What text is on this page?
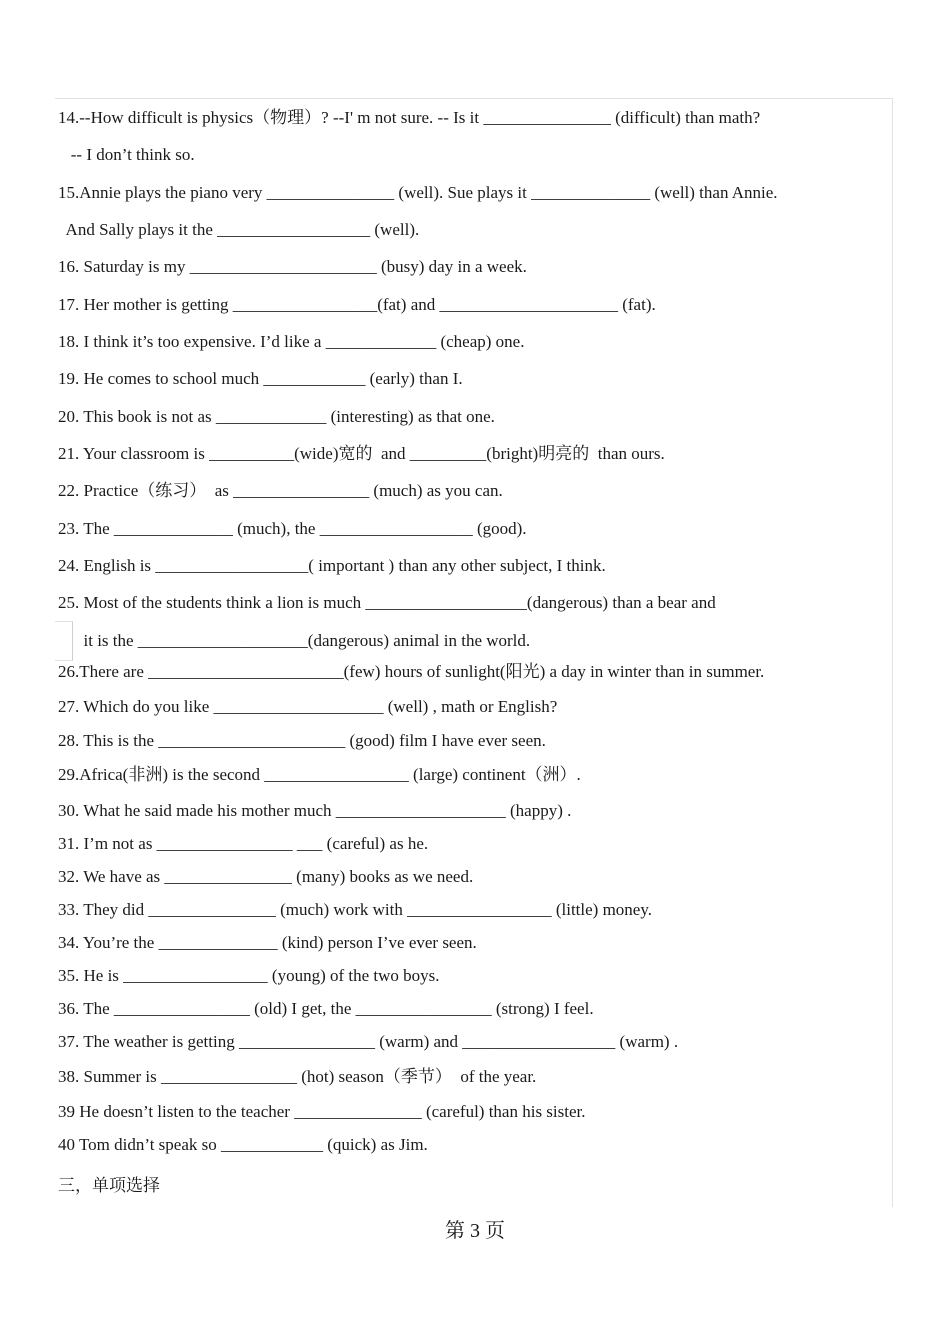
14.--How difficult is physics（物理）? --I' m not sure. -- Is it _______________ (difficult) than math?
-- I don’t think so.
15.Annie plays the piano very _______________ (well). Sue plays it ______________ (well) than Annie.
And Sally plays it the __________________ (well).
16. Saturday is my ______________________ (busy) day in a week.
17. Her mother is getting _________________(fat) and _____________________ (fat).
18. I think it’s too expensive. I’d like a _____________ (cheap) one.
19. He comes to school much ____________ (early) than I.
20. This book is not as _____________ (interesting) as that one.
21. Your classroom is __________(wide)宽的  and _________(bright)明亮的  than ours.
22. Practice（练习）  as ________________ (much) as you can.
23. The ______________ (much), the __________________ (good).
24. English is __________________( important ) than any other subject, I think.
25. Most of the students think a lion is much ___________________(dangerous) than a bear and
it is the ____________________(dangerous) animal in the world.
26.There are _______________________(few) hours of sunlight(阳光) a day in winter than in summer.
27. Which do you like ____________________ (well) , math or English?
28. This is the ______________________ (good) film I have ever seen.
29.Africa(非洲) is the second _________________ (large) continent（洲）.
30. What he said made his mother much ____________________ (happy) .
31. I’m not as ________________ ___ (careful) as he.
32. We have as _______________ (many) books as we need.
33. They did _______________ (much) work with _________________ (little) money.
34. You’re the ______________ (kind) person I’ve ever seen.
35. He is _________________ (young) of the two boys.
36. The ________________ (old) I get, the ________________ (strong) I feel.
37. The weather is getting ________________ (warm) and __________________ (warm) .
38. Summer is ________________ (hot) season（季节）  of the year.
39 He doesn’t listen to the teacher _______________ (careful) than his sister.
40 Tom didn’t speak so ____________ (quick) as Jim.
三，单项选择
第 3 页
